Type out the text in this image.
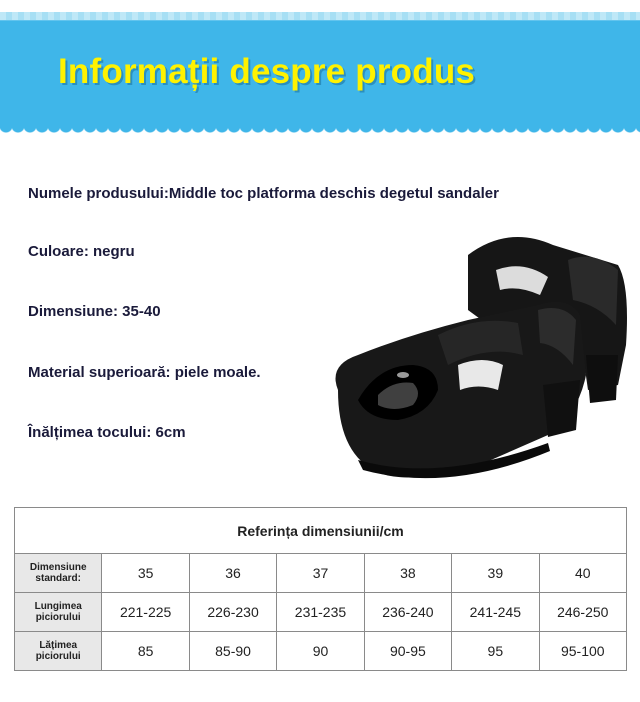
Informații despre produs
Numele produsului:Middle toc platforma deschis degetul sandaler
Culoare: negru
Dimensiune: 35-40
Material superioară: piele moale.
Înălțimea tocului: 6cm
Referința dimensiunii/cm						

Dimensiune
standard:	35	36	37	38	39	40

Lungimea
piciorului	221-225	226-230	231-235	236-240	241-245	246-250

Lățimea
piciorului	85	85-90	90	90-95	95	95-100
